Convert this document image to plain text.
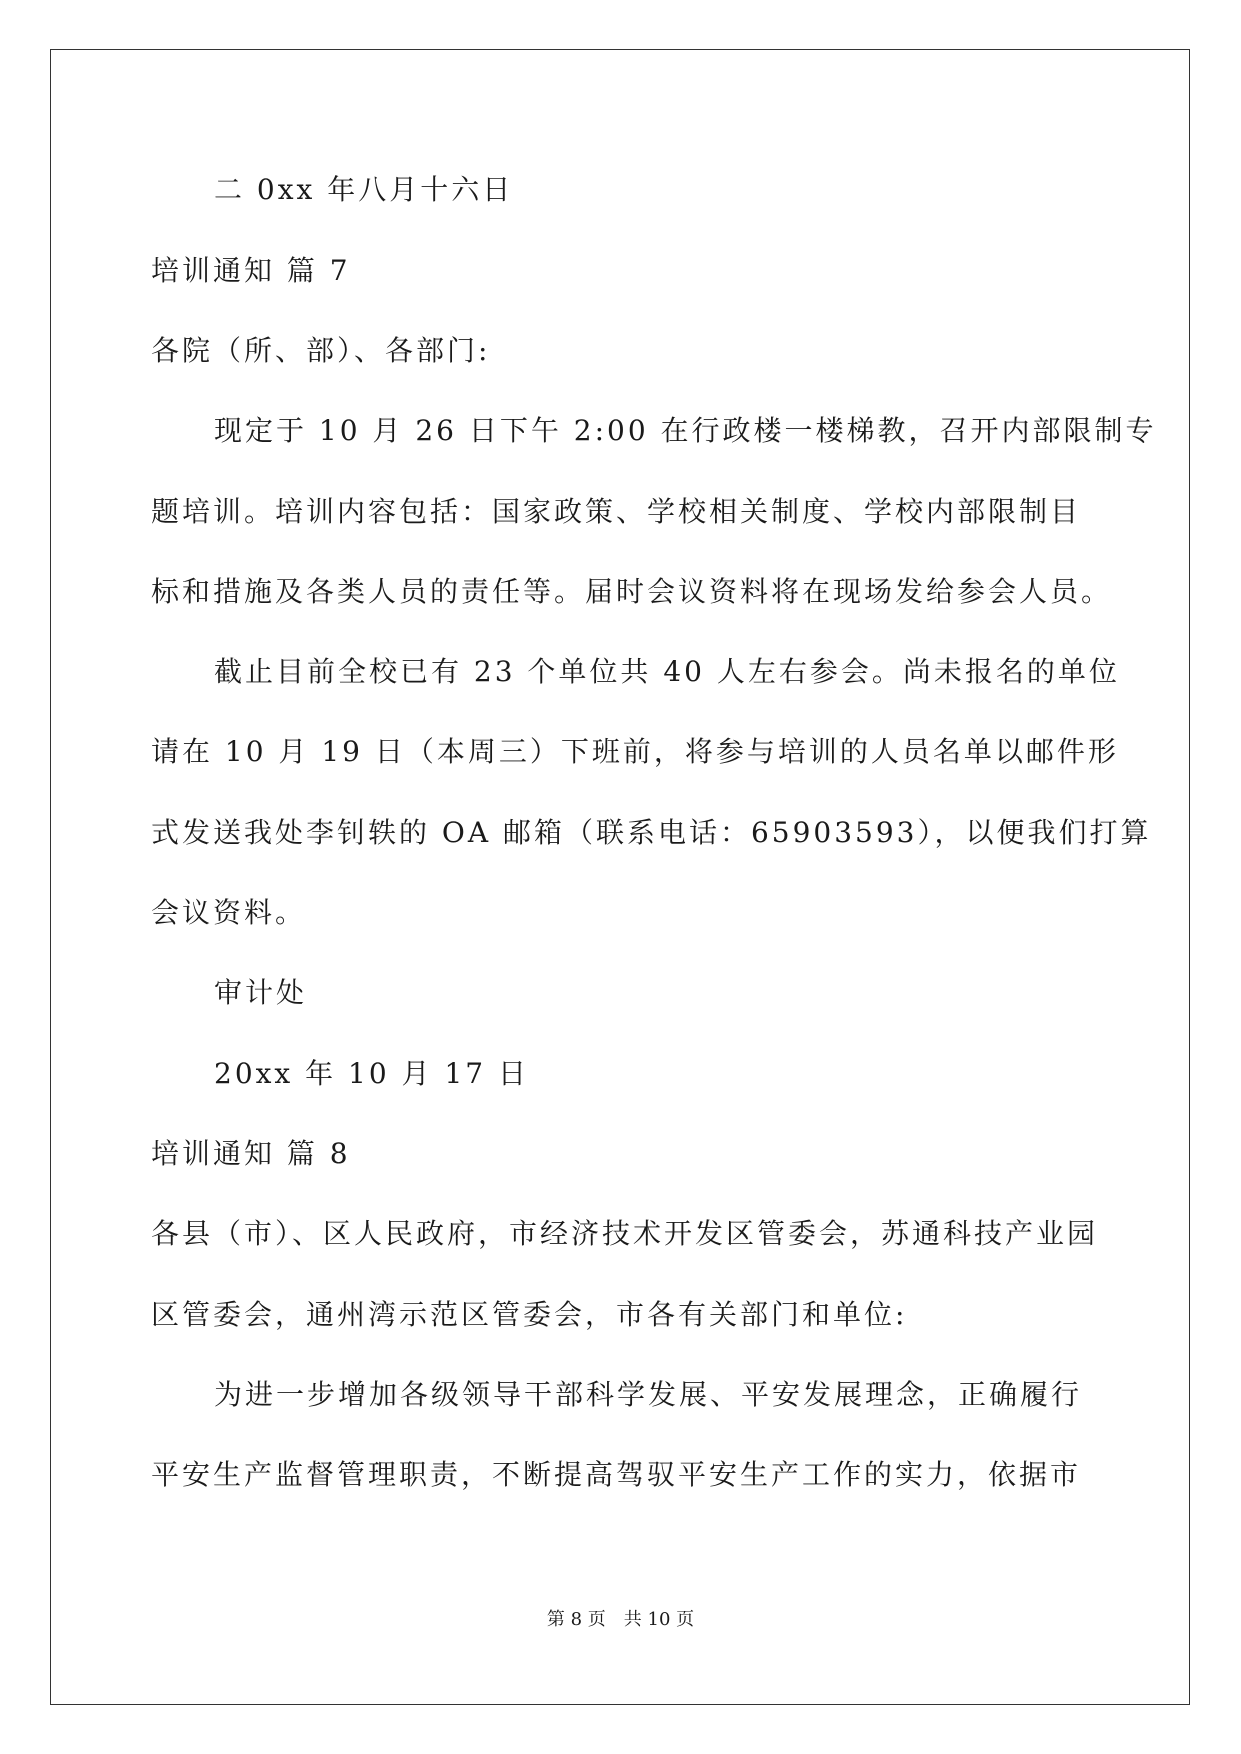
二 0xx 年八月十六日
培训通知 篇 7
各院（所、部）、各部门:
现定于 10 月 26 日下午 2:00 在行政楼一楼梯教，召开内部限制专
题培训。培训内容包括：国家政策、学校相关制度、学校内部限制目
标和措施及各类人员的责任等。届时会议资料将在现场发给参会人员。
截止目前全校已有 23 个单位共 40 人左右参会。尚未报名的单位
请在 10 月 19 日（本周三）下班前，将参与培训的人员名单以邮件形
式发送我处李钊轶的 OA 邮箱（联系电话：65903593），以便我们打算
会议资料。
审计处
20xx 年 10 月 17 日
培训通知 篇 8
各县（市）、区人民政府，市经济技术开发区管委会，苏通科技产业园
区管委会，通州湾示范区管委会，市各有关部门和单位:
为进一步增加各级领导干部科学发展、平安发展理念，正确履行
平安生产监督管理职责，不断提高驾驭平安生产工作的实力，依据市
第 8 页　共 10 页
